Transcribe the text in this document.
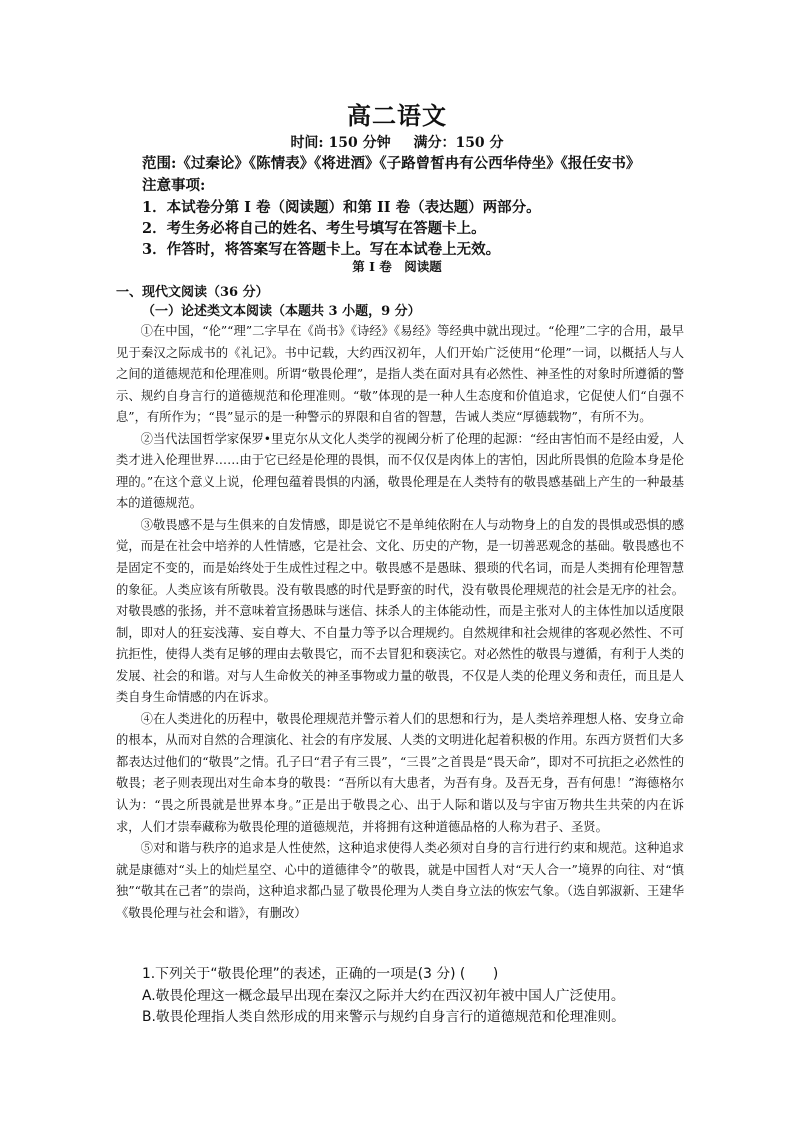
高二语文
时间: 150 分钟 满分：150 分
范围:《过秦论》《陈情表》《将进酒》《子路曾皙冉有公西华侍坐》《报任安书》
注意事项:
1．本试卷分第 I 卷（阅读题）和第 II 卷（表达题）两部分。
2．考生务必将自己的姓名、考生号填写在答题卡上。
3．作答时，将答案写在答题卡上。写在本试卷上无效。
第 I 卷　阅读题
一、现代文阅读（36 分）
（一）论述类文本阅读（本题共 3 小题，9 分）

①在中国，“伦”“理”二字早在《尚书》《诗经》《易经》等经典中就出现过。“伦理”二字的合用，最早见于秦汉之际成书的《礼记》。书中记载，大约西汉初年，人们开始广泛使用“伦理”一词，以概括人与人之间的道德规范和伦理准则。所谓“敬畏伦理”，是指人类在面对具有必然性、神圣性的对象时所遵循的警示、规约自身言行的道德规范和伦理准则。“敬”体现的是一种人生态度和价值追求，它促使人们“自强不息”，有所作为；“畏”显示的是一种警示的界限和自省的智慧，告诫人类应“厚德载物”，有所不为。

②当代法国哲学家保罗•里克尔从文化人类学的视阈分析了伦理的起源：“经由害怕而不是经由爱，人类才进入伦理世界……由于它已经是伦理的畏惧，而不仅仅是肉体上的害怕，因此所畏惧的危险本身是伦理的。”在这个意义上说，伦理包蕴着畏惧的内涵，敬畏伦理是在人类特有的敬畏感基础上产生的一种最基本的道德规范。

③敬畏感不是与生俱来的自发情感，即是说它不是单纯依附在人与动物身上的自发的畏惧或恐惧的感觉，而是在社会中培养的人性情感，它是社会、文化、历史的产物，是一切善恶观念的基础。敬畏感也不是固定不变的，而是始终处于生成性过程之中。敬畏感不是愚昧、猥琐的代名词，而是人类拥有伦理智慧的象征。人类应该有所敬畏。没有敬畏感的时代是野蛮的时代，没有敬畏伦理规范的社会是无序的社会。对敬畏感的张扬，并不意味着宣扬愚昧与迷信、抹杀人的主体能动性，而是主张对人的主体性加以适度限制，即对人的狂妄浅薄、妄自尊大、不自量力等予以合理规约。自然规律和社会规律的客观必然性、不可抗拒性，使得人类有足够的理由去敬畏它，而不去冒犯和亵渎它。对必然性的敬畏与遵循，有利于人类的发展、社会的和谐。对与人生命攸关的神圣事物或力量的敬畏，不仅是人类的伦理义务和责任，而且是人类自身生命情感的内在诉求。

④在人类进化的历程中，敬畏伦理规范并警示着人们的思想和行为，是人类培养理想人格、安身立命的根本，从而对自然的合理演化、社会的有序发展、人类的文明进化起着积极的作用。东西方贤哲们大多都表达过他们的“敬畏”之情。孔子曰“君子有三畏”，“三畏”之首畏是“畏天命”，即对不可抗拒之必然性的敬畏；老子则表现出对生命本身的敬畏：“吾所以有大患者，为吾有身。及吾无身，吾有何患！”海德格尔认为：“畏之所畏就是世界本身。”正是出于敬畏之心、出于人际和谐以及与宇宙万物共生共荣的内在诉求，人们才崇奉藏称为敬畏伦理的道德规范，并将拥有这种道德品格的人称为君子、圣贤。

⑤对和谐与秩序的追求是人性使然，这种追求使得人类必须对自身的言行进行约束和规范。这种追求就是康德对“头上的灿烂星空、心中的道德律令”的敬畏，就是中国哲人对“天人合一”境界的向往、对“慎独”“敬其在己者”的崇尚，这种追求都凸显了敬畏伦理为人类自身立法的恢宏气象。（选自郭淑新、王建华《敬畏伦理与社会和谐》，有删改）

1.下列关于“敬畏伦理”的表述，正确的一项是(3 分) (　　)
A.敬畏伦理这一概念最早出现在秦汉之际并大约在西汉初年被中国人广泛使用。
B.敬畏伦理指人类自然形成的用来警示与规约自身言行的道德规范和伦理准则。
